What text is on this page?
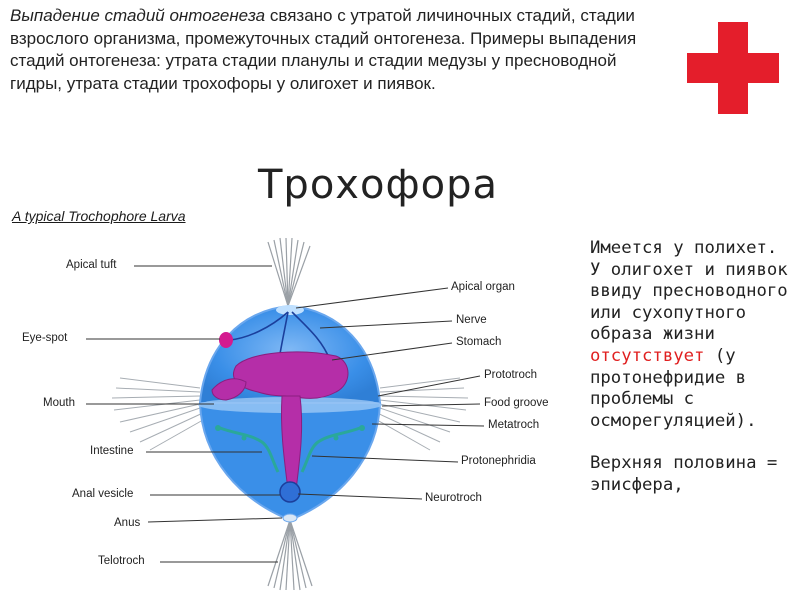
Выпадение стадий онтогенеза связано с утратой личиночных стадий, стадии взрослого организма, промежуточных стадий онтогенеза. Примеры выпадения стадий онтогенеза: утрата стадии планулы и стадии медузы у пресноводной гидры, утрата стадии трохофоры у олигохет и пиявок.
Трохофора
A typical Trochophore Larva
Apical tuft
Eye-spot
Mouth
Intestine
Anal vesicle
Anus
Telotroch
Apical organ
Nerve
Stomach
Prototroch
Food groove
Metatroch
Protonephridia
Neurotroch

Имеется у полихет. У олигохет и пиявок ввиду пресноводного или сухопутного образа жизни отсутствует (у протонефридие в проблемы с осморегуляцией).

Верхняя половина = эписфера,
